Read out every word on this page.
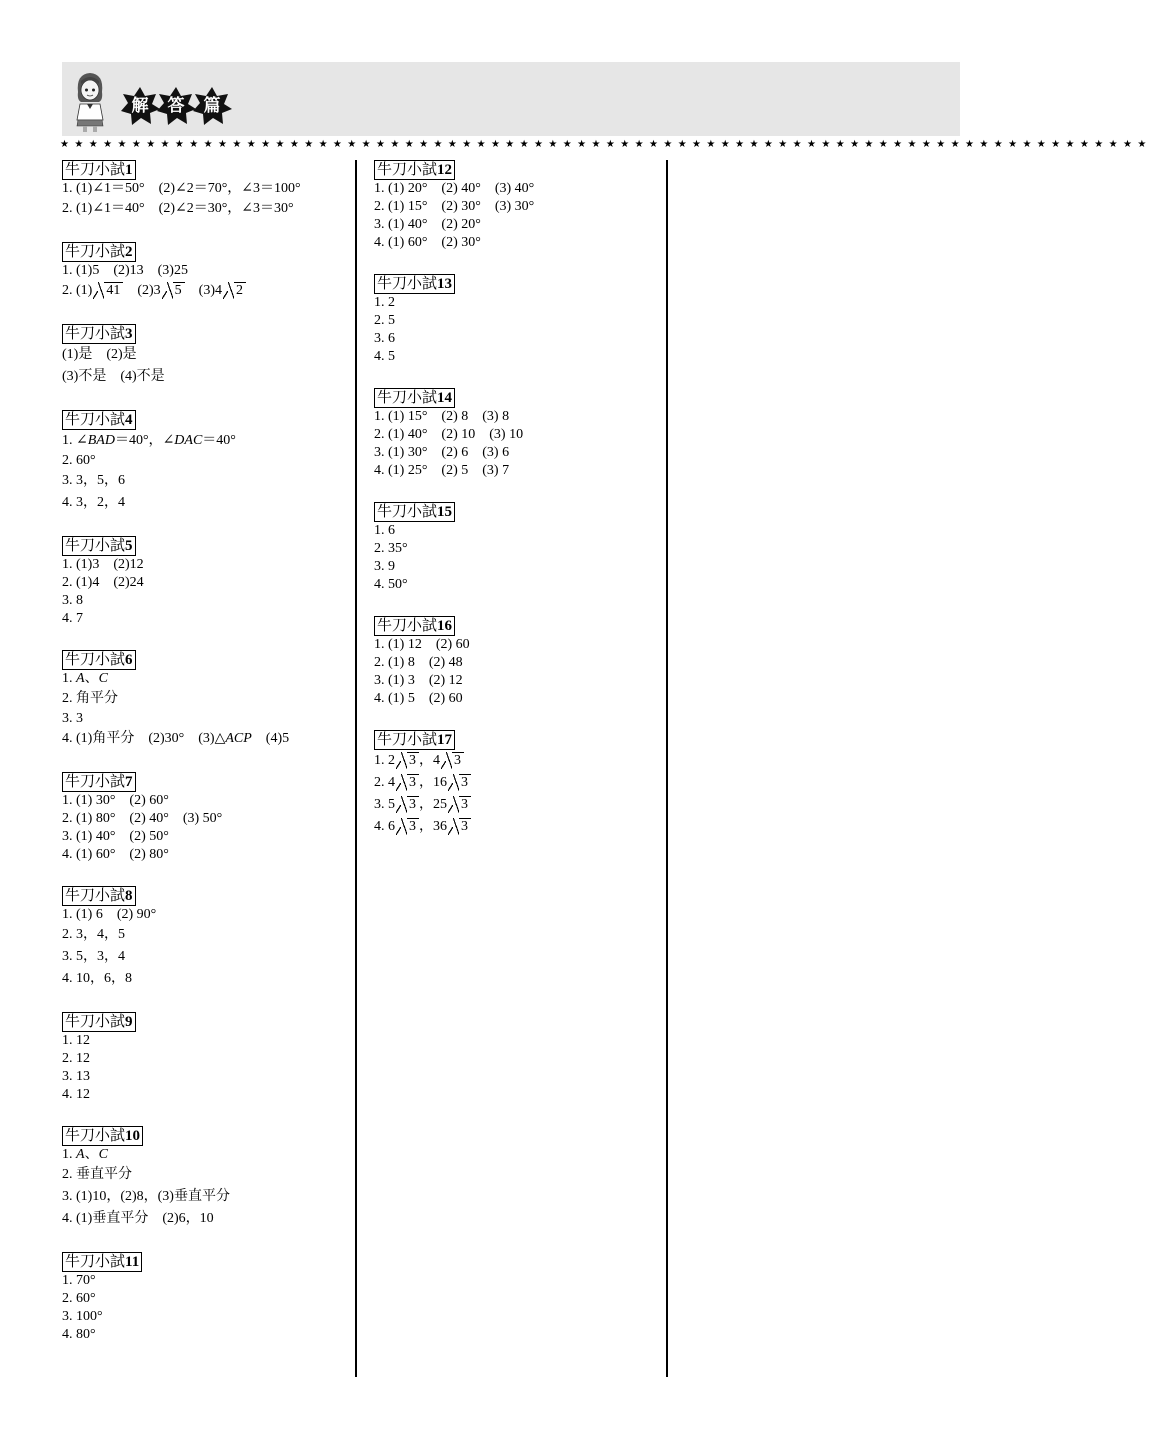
解	答	篇
★★★★★★★★★★★★★★★★★★★★★★★★★★★★★★★★★★★★★★★★★★★★★★★★★★★★★★★★★★★★★★★★★★★★★★★★★★★★
牛刀小試1
1. (1)∠1＝50°　(2)∠2＝70°，∠3＝100°
2. (1)∠1＝40°　(2)∠2＝30°，∠3＝30°
牛刀小試2
1. (1)5　(2)13　(3)25
2. (1) 41　(2)3 5　(3)4 2
牛刀小試3
(1)是　(2)是
(3)不是　(4)不是
牛刀小試4
1. ∠BAD＝40°，∠DAC＝40°
2. 60°
3. 3，5，6
4. 3，2，4
牛刀小試5
1. (1)3　(2)12
2. (1)4　(2)24
3. 8
4. 7
牛刀小試6
1. A、C
2. 角平分
3. 3
4. (1)角平分　(2)30°　(3)△ACP　(4)5
牛刀小試7
1. (1) 30°　(2) 60°
2. (1) 80°　(2) 40°　(3) 50°
3. (1) 40°　(2) 50°
4. (1) 60°　(2) 80°
牛刀小試8
1. (1) 6　(2) 90°
2. 3，4，5
3. 5，3，4
4. 10，6，8
牛刀小試9
1. 12
2. 12
3. 13
4. 12
牛刀小試10
1. A、C
2. 垂直平分
3. (1)10，(2)8，(3)垂直平分
4. (1)垂直平分　(2)6，10
牛刀小試11
1. 70°
2. 60°
3. 100°
4. 80°
牛刀小試12
1. (1) 20°　(2) 40°　(3) 40°
2. (1) 15°　(2) 30°　(3) 30°
3. (1) 40°　(2) 20°
4. (1) 60°　(2) 30°
牛刀小試13
1. 2
2. 5
3. 6
4. 5
牛刀小試14
1. (1) 15°　(2) 8　(3) 8
2. (1) 40°　(2) 10　(3) 10
3. (1) 30°　(2) 6　(3) 6
4. (1) 25°　(2) 5　(3) 7
牛刀小試15
1. 6
2. 35°
3. 9
4. 50°
牛刀小試16
1. (1) 12　(2) 60
2. (1) 8　(2) 48
3. (1) 3　(2) 12
4. (1) 5　(2) 60
牛刀小試17
1. 2 3 ，4 3
2. 4 3 ，16 3
3. 5 3 ，25 3
4. 6 3 ，36 3
